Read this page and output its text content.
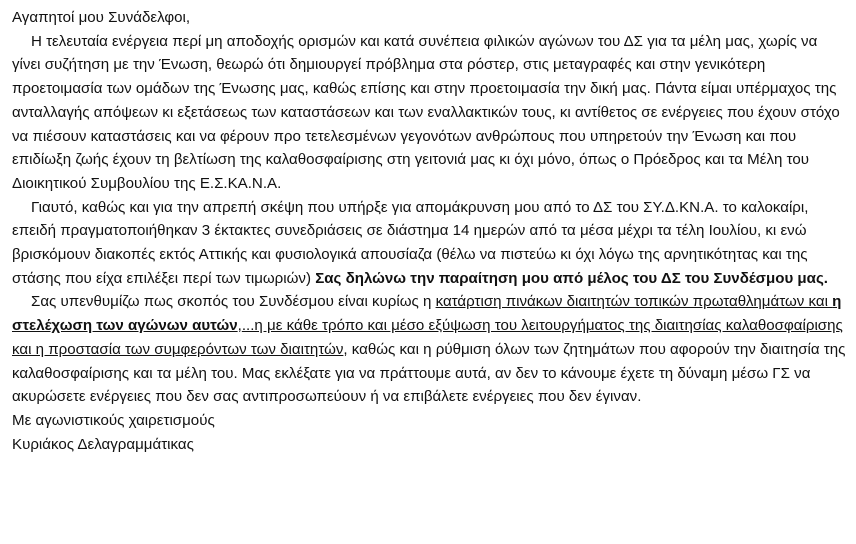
Αγαπητοί μου Συνάδελφοι,

Η τελευταία ενέργεια περί μη αποδοχής ορισμών και κατά συνέπεια φιλικών αγώνων του ΔΣ για τα μέλη μας, χωρίς να γίνει συζήτηση με την Ένωση, θεωρώ ότι δημιουργεί πρόβλημα στα ρόστερ, στις μεταγραφές και στην γενικότερη προετοιμασία των ομάδων της Ένωσης μας, καθώς επίσης και στην προετοιμασία την δική μας. Πάντα είμαι υπέρμαχος της ανταλλαγής απόψεων κι εξετάσεως των καταστάσεων και των εναλλακτικών τους, κι αντίθετος σε ενέργειες που έχουν στόχο να πιέσουν καταστάσεις και να φέρουν προ τετελεσμένων γεγονότων ανθρώπους που υπηρετούν την Ένωση και που επιδίωξη ζωής έχουν τη βελτίωση της καλαθοσφαίρισης στη γειτονιά μας κι όχι μόνο, όπως ο Πρόεδρος και τα Μέλη του Διοικητικού Συμβουλίου της Ε.Σ.ΚΑ.Ν.Α.

Γιαυτό, καθώς και για την απρεπή σκέψη που υπήρξε για απομάκρυνση μου από το ΔΣ του ΣΥ.Δ.ΚΝ.Α. το καλοκαίρι, επειδή πραγματοποιήθηκαν 3 έκτακτες συνεδριάσεις σε διάστημα 14 ημερών από τα μέσα μέχρι τα τέλη Ιουλίου, κι ενώ βρισκόμουν διακοπές εκτός Αττικής και φυσιολογικά απουσίαζα (θέλω να πιστεύω κι όχι λόγω της αρνητικότητας και της στάσης που είχα επιλέξει περί των τιμωριών) Σας δηλώνω την παραίτηση μου από μέλος του ΔΣ του Συνδέσμου μας.

Σας υπενθυμίζω πως σκοπός του Συνδέσμου είναι κυρίως η κατάρτιση πινάκων διαιτητών τοπικών πρωταθλημάτων και η στελέχωση των αγώνων αυτών,...η με κάθε τρόπο και μέσο εξύψωση του λειτουργήματος της διαιτησίας καλαθοσφαίρισης και η προστασία των συμφερόντων των διαιτητών, καθώς και η ρύθμιση όλων των ζητημάτων που αφορούν την διαιτησία της καλαθοσφαίρισης και τα μέλη του. Μας εκλέξατε για να πράττουμε αυτά, αν δεν το κάνουμε έχετε τη δύναμη μέσω ΓΣ να ακυρώσετε ενέργειες που δεν σας αντιπροσωπεύουν ή να επιβάλετε ενέργειες που δεν έγιναν.

Με αγωνιστικούς χαιρετισμούς

Κυριάκος Δελαγραμμάτικας
